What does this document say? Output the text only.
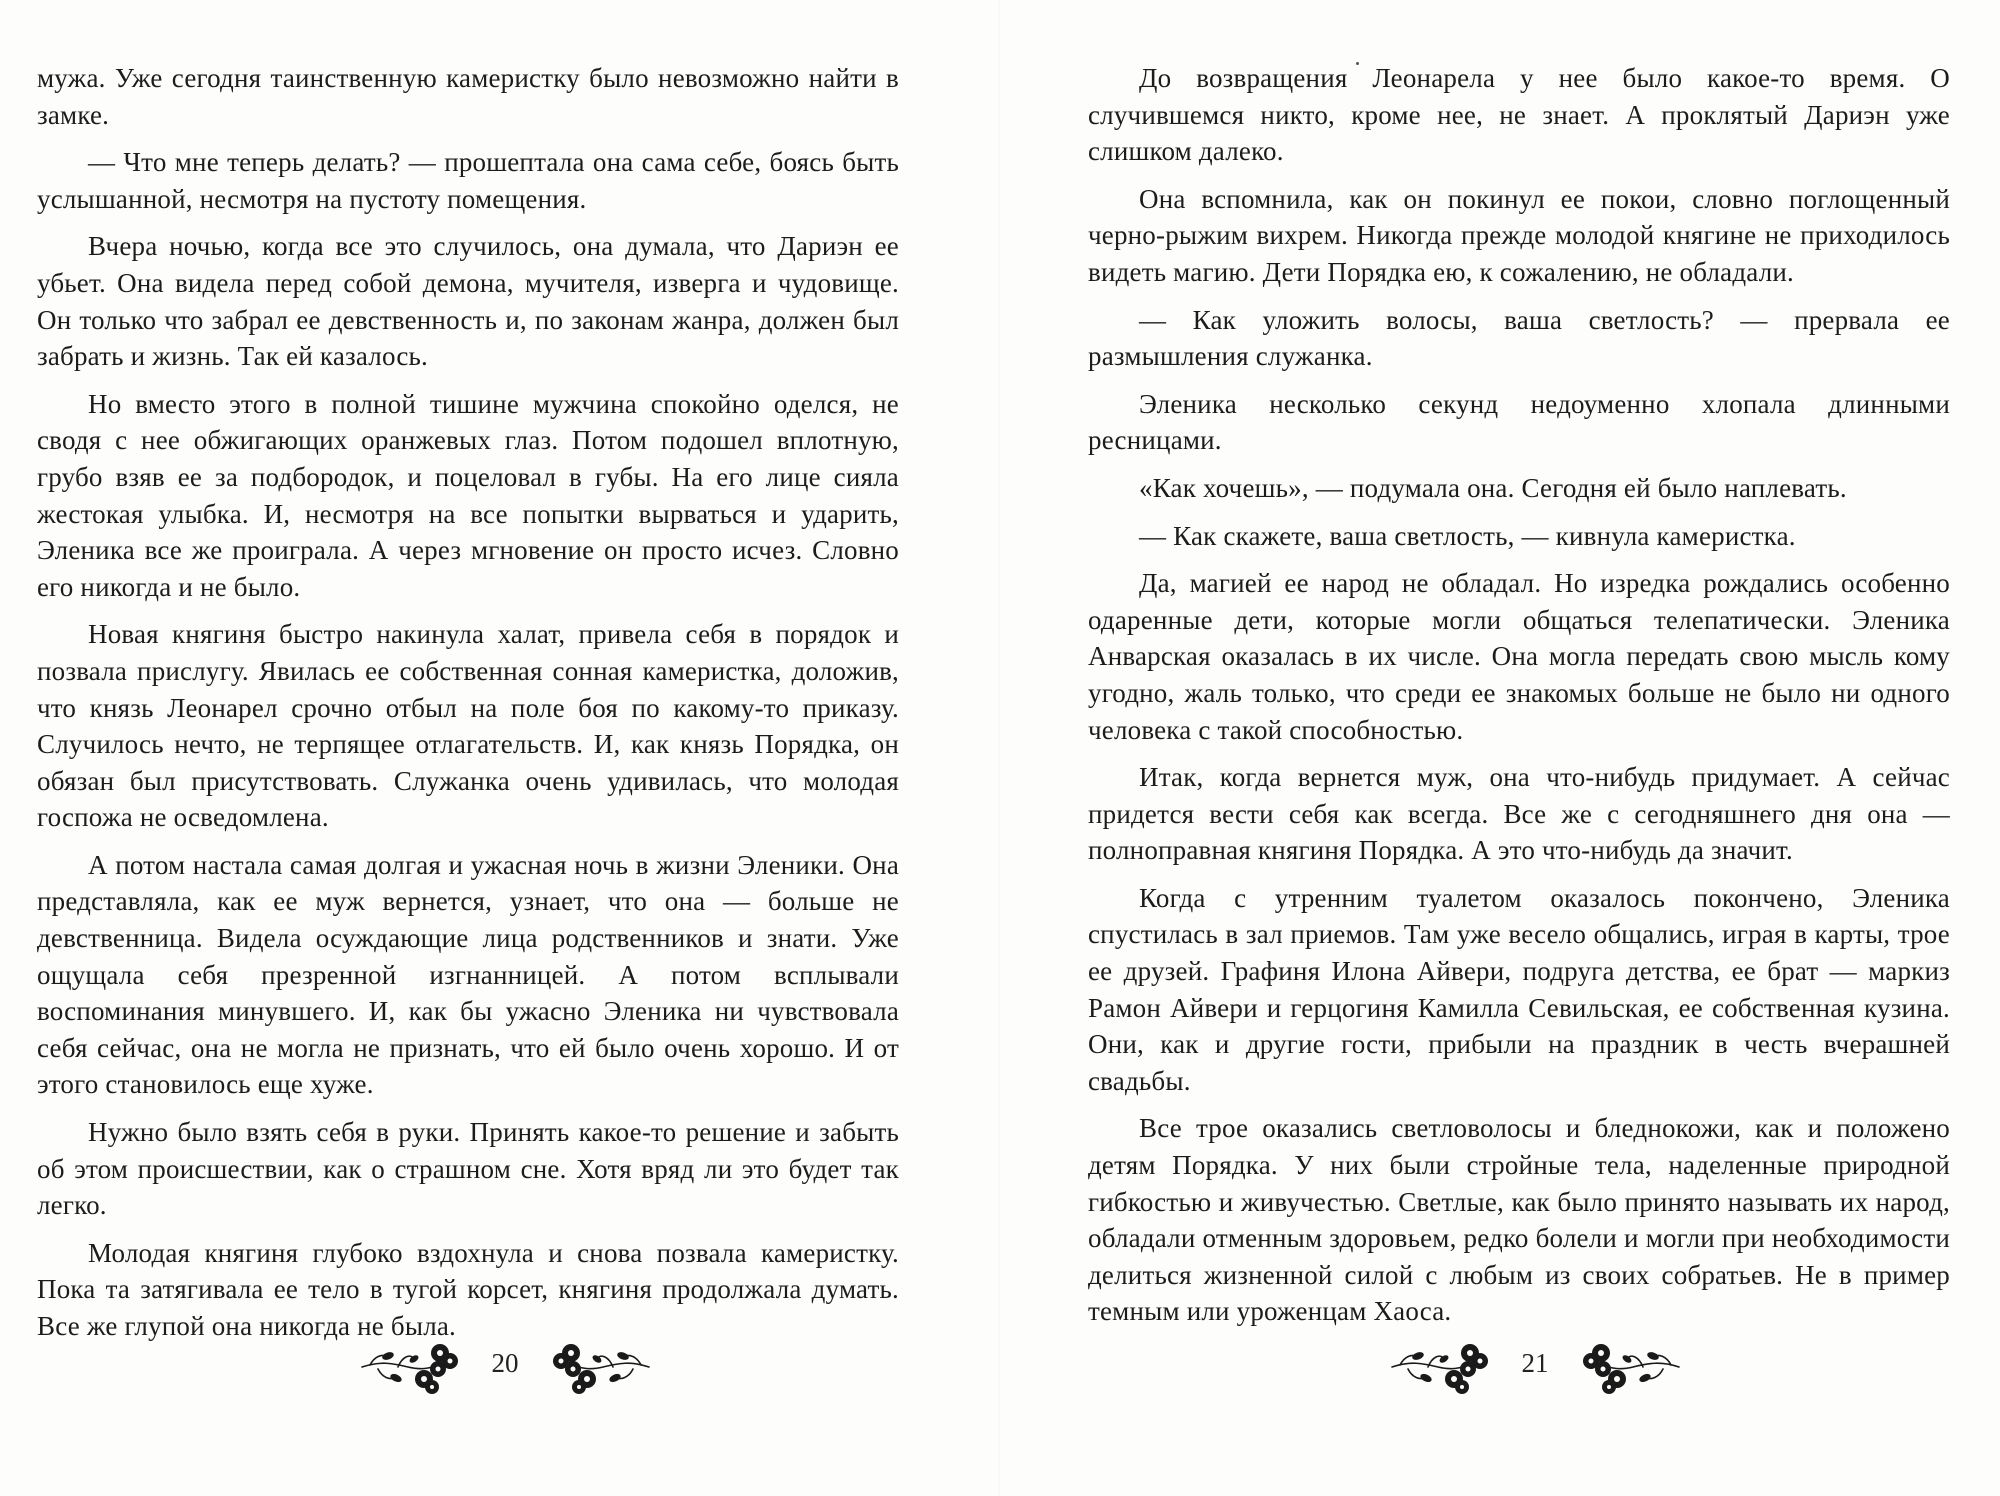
мужа. Уже сегодня таинственную камеристку было невозможно найти в замке.

— Что мне теперь делать? — прошептала она сама себе, боясь быть услышанной, несмотря на пустоту помещения.

Вчера ночью, когда все это случилось, она думала, что Дариэн ее убьет. Она видела перед собой демона, мучителя, изверга и чудовище. Он только что забрал ее девственность и, по законам жанра, должен был забрать и жизнь. Так ей казалось.

Но вместо этого в полной тишине мужчина спокойно оделся, не сводя с нее обжигающих оранжевых глаз. Потом подошел вплотную, грубо взяв ее за подбородок, и поцеловал в губы. На его лице сияла жестокая улыбка. И, несмотря на все попытки вырваться и ударить, Эленика все же проиграла. А через мгновение он просто исчез. Словно его никогда и не было.

Новая княгиня быстро накинула халат, привела себя в порядок и позвала прислугу. Явилась ее собственная сонная камеристка, доложив, что князь Леонарел срочно отбыл на поле боя по какому-то приказу. Случилось нечто, не терпящее отлагательств. И, как князь Порядка, он обязан был присутствовать. Служанка очень удивилась, что молодая госпожа не осведомлена.

А потом настала самая долгая и ужасная ночь в жизни Эленики. Она представляла, как ее муж вернется, узнает, что она — больше не девственница. Видела осуждающие лица родственников и знати. Уже ощущала себя презренной изгнанницей. А потом всплывали воспоминания минувшего. И, как бы ужасно Эленика ни чувствовала себя сейчас, она не могла не признать, что ей было очень хорошо. И от этого становилось еще хуже.

Нужно было взять себя в руки. Принять какое-то решение и забыть об этом происшествии, как о страшном сне. Хотя вряд ли это будет так легко.

Молодая княгиня глубоко вздохнула и снова позвала камеристку. Пока та затягивала ее тело в тугой корсет, княгиня продолжала думать. Все же глупой она никогда не была.

20

До возвращения Леонарела у нее было какое-то время. О случившемся никто, кроме нее, не знает. А проклятый Дариэн уже слишком далеко.

Она вспомнила, как он покинул ее покои, словно поглощенный черно-рыжим вихрем. Никогда прежде молодой княгине не приходилось видеть магию. Дети Порядка ею, к сожалению, не обладали.

— Как уложить волосы, ваша светлость? — прервала ее размышления служанка.

Эленика несколько секунд недоуменно хлопала длинными ресницами.

«Как хочешь», — подумала она. Сегодня ей было наплевать.

— Как скажете, ваша светлость, — кивнула камеристка.

Да, магией ее народ не обладал. Но изредка рождались особенно одаренные дети, которые могли общаться телепатически. Эленика Анварская оказалась в их числе. Она могла передать свою мысль кому угодно, жаль только, что среди ее знакомых больше не было ни одного человека с такой способностью.

Итак, когда вернется муж, она что-нибудь придумает. А сейчас придется вести себя как всегда. Все же с сегодняшнего дня она — полноправная княгиня Порядка. А это что-нибудь да значит.

Когда с утренним туалетом оказалось покончено, Эленика спустилась в зал приемов. Там уже весело общались, играя в карты, трое ее друзей. Графиня Илона Айвери, подруга детства, ее брат — маркиз Рамон Айвери и герцогиня Камилла Севильская, ее собственная кузина. Они, как и другие гости, прибыли на праздник в честь вчерашней свадьбы.

Все трое оказались светловолосы и бледнокожи, как и положено детям Порядка. У них были стройные тела, наделенные природной гибкостью и живучестью. Светлые, как было принято называть их народ, обладали отменным здоровьем, редко болели и могли при необходимости делиться жизненной силой с любым из своих собратьев. Не в пример темным или уроженцам Хаоса.

21
